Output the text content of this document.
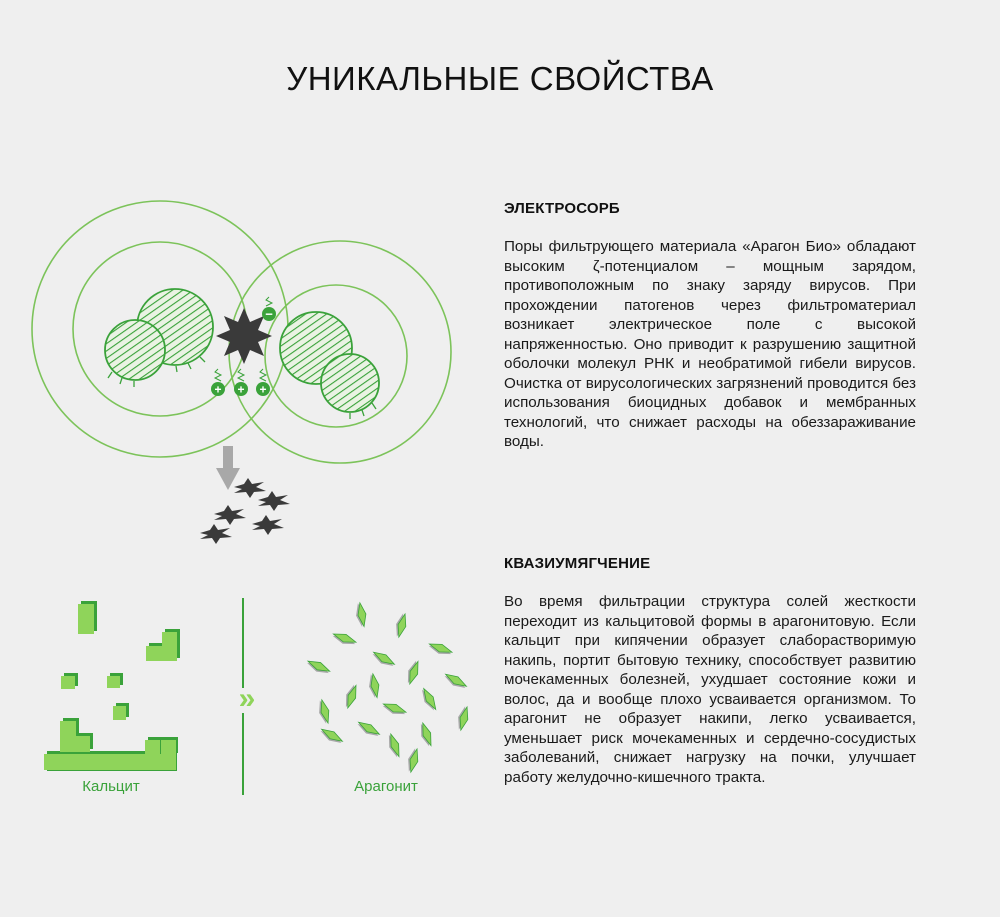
УНИКАЛЬНЫЕ СВОЙСТВА
ЭЛЕКТРОСОРБ

Поры фильтрующего материала «Арагон Био» обладают высоким ζ-потенциалом – мощным зарядом, противоположным по знаку заряду вирусов. При прохождении патогенов через фильтроматериал возникает электрическое поле с высокой напряженностью. Оно приводит к разрушению защитной оболочки молекул РНК и необратимой гибели вирусов. Очистка от вирусологических загрязнений проводится без использования биоцидных добавок и мембранных технологий, что снижает расходы на обеззараживание воды.

КВАЗИУМЯГЧЕНИЕ

Во время фильтрации структура солей жесткости переходит из кальцитовой формы в арагонитовую. Если кальцит при кипячении образует слаборастворимую накипь, портит бытовую технику, способствует развитию мочекаменных болезней, ухудшает состояние кожи и волос, да и вообще плохо усваивается организмом. То арагонит не образует накипи, легко усваивается, уменьшает риск мочекаменных и сердечно-сосудистых заболеваний, снижает нагрузку на почки, улучшает работу желудочно-кишечного тракта.

−
+ + +
Кальцит
»
Арагонит
